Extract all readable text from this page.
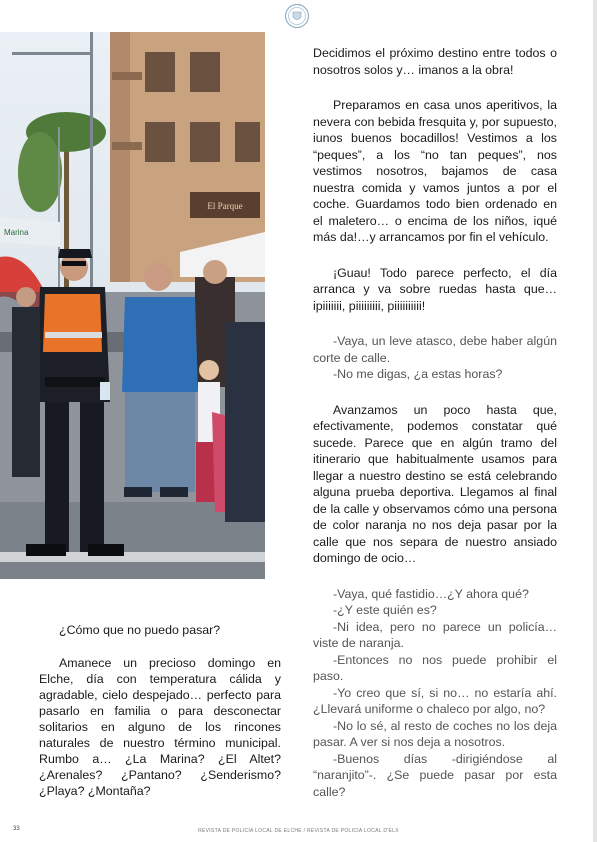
El Parque
Marina

¿Cómo que no puedo pasar?

Amanece un precioso domingo en Elche, día con temperatura cálida y agradable, cielo despejado… perfecto para pasarlo en familia o para desconectar solitarios en alguno de los rincones naturales de nuestro término municipal. Rumbo a… ¿La Marina? ¿El Altet? ¿Arenales? ¿Pantano? ¿Senderismo? ¿Playa? ¿Montaña?

Decidimos el próximo destino entre todos o nosotros solos y… imanos a la obra!

Preparamos en casa unos aperitivos, la nevera con bebida fresquita y, por supuesto, iunos buenos bocadillos! Vestimos a los “peques”, a los “no tan peques”, nos vestimos nosotros, bajamos de casa nuestra comida y vamos juntos a por el coche. Guardamos todo bien ordenado en el maletero… o encima de los niños, iqué más da!…y arrancamos por fin el vehículo.

¡Guau! Todo parece perfecto, el día arranca y va sobre ruedas hasta que… ipiiiiiii, piiiiiiiii, piiiiiiiiii!

-Vaya, un leve atasco, debe haber algún corte de calle.

-No me digas, ¿a estas horas?

Avanzamos un poco hasta que, efectivamente, podemos constatar qué sucede. Parece que en algún tramo del itinerario que habitualmente usamos para llegar a nuestro destino se está celebrando alguna prueba deportiva. Llegamos al final de la calle y observamos cómo una persona de color naranja no nos deja pasar por la calle que nos separa de nuestro ansiado domingo de ocio…

-Vaya, qué fastidio…¿Y ahora qué?

-¿Y este quién es?

-Ni idea, pero no parece un policía… viste de naranja.

-Entonces no nos puede prohibir el paso.

-Yo creo que sí, si no… no estaría ahí. ¿Llevará uniforme o chaleco por algo, no?

-No lo sé, al resto de coches no los deja pasar. A ver si nos deja a nosotros.

-Buenos días -dirigiéndose al “naranjito”-. ¿Se puede pasar por esta calle?

33	REVISTA DE POLICÍA LOCAL DE ELCHE / REVISTA DE POLICIA LOCAL D'ELX
